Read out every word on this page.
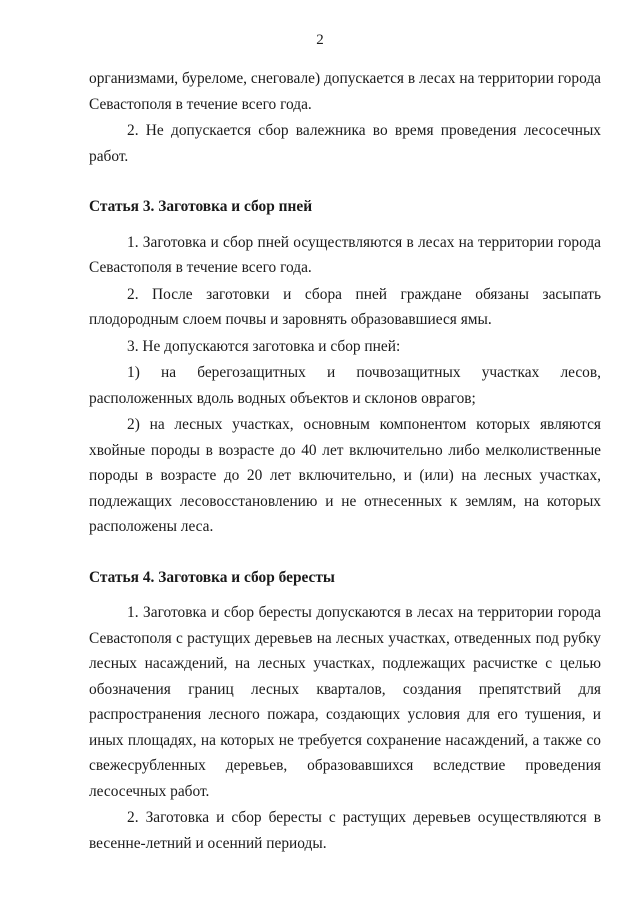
2

организмами, буреломе, снеговале) допускается в лесах на территории города Севастополя в течение всего года.

2. Не допускается сбор валежника во время проведения лесосечных работ.

Статья 3. Заготовка и сбор пней

1. Заготовка и сбор пней осуществляются в лесах на территории города Севастополя в течение всего года.

2. После заготовки и сбора пней граждане обязаны засыпать плодородным слоем почвы и заровнять образовавшиеся ямы.

3. Не допускаются заготовка и сбор пней:

1) на берегозащитных и почвозащитных участках лесов, расположенных вдоль водных объектов и склонов оврагов;

2) на лесных участках, основным компонентом которых являются хвойные породы в возрасте до 40 лет включительно либо мелколиственные породы в возрасте до 20 лет включительно, и (или) на лесных участках, подлежащих лесовосстановлению и не отнесенных к землям, на которых расположены леса.

Статья 4. Заготовка и сбор бересты

1. Заготовка и сбор бересты допускаются в лесах на территории города Севастополя с растущих деревьев на лесных участках, отведенных под рубку лесных насаждений, на лесных участках, подлежащих расчистке с целью обозначения границ лесных кварталов, создания препятствий для распространения лесного пожара, создающих условия для его тушения, и иных площадях, на которых не требуется сохранение насаждений, а также со свежесрубленных деревьев, образовавшихся вследствие проведения лесосечных работ.

2. Заготовка и сбор бересты с растущих деревьев осуществляются в весенне-летний и осенний периоды.
